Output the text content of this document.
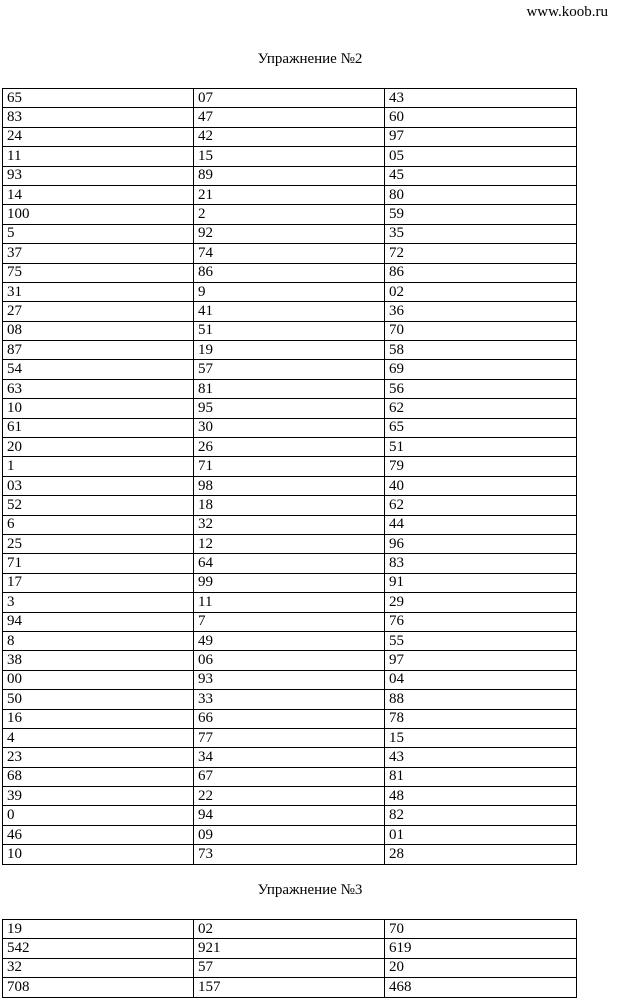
www.koob.ru
Упражнение №2
65	07	43
83	47	60
24	42	97
11	15	05
93	89	45
14	21	80
100	2	59
5	92	35
37	74	72
75	86	86
31	9	02
27	41	36
08	51	70
87	19	58
54	57	69
63	81	56
10	95	62
61	30	65
20	26	51
1	71	79
03	98	40
52	18	62
6	32	44
25	12	96
71	64	83
17	99	91
3	11	29
94	7	76
8	49	55
38	06	97
00	93	04
50	33	88
16	66	78
4	77	15
23	34	43
68	67	81
39	22	48
0	94	82
46	09	01
10	73	28
Упражнение №3
19	02	70
542	921	619
32	57	20
708	157	468
